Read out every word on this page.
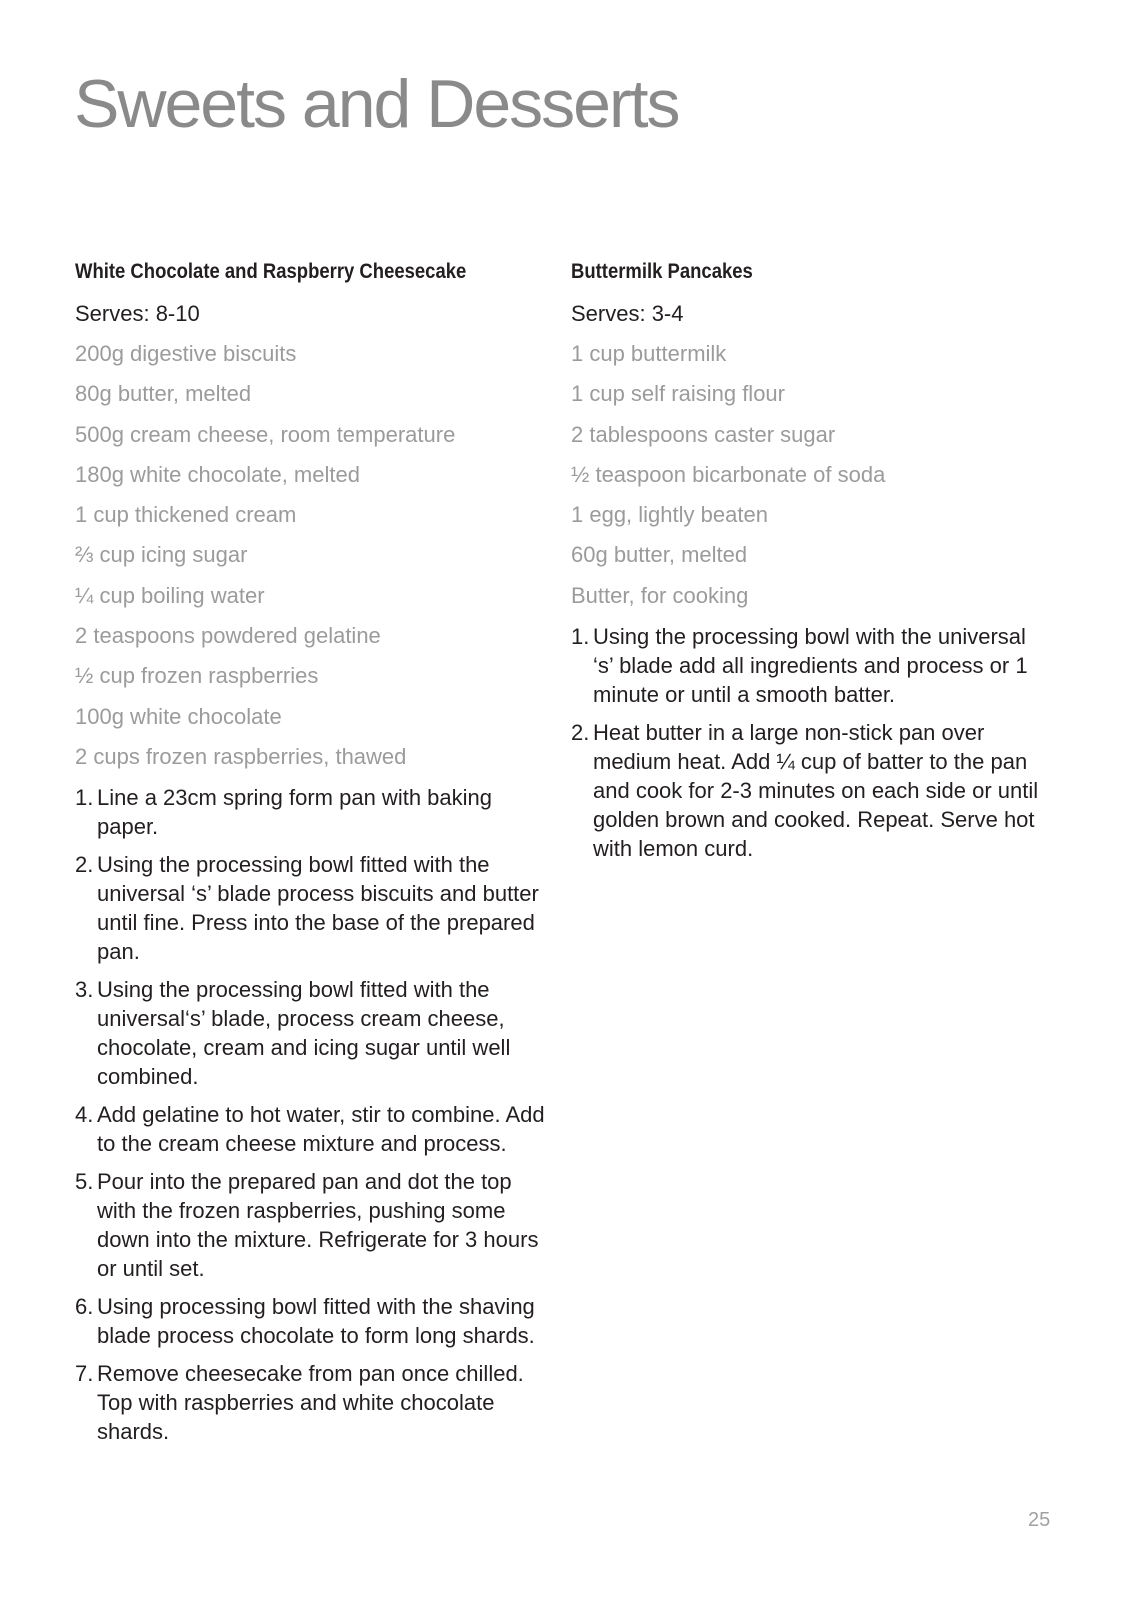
Sweets and Desserts
White Chocolate and Raspberry Cheesecake

Serves: 8-10

200g digestive biscuits
80g butter, melted
500g cream cheese, room temperature
180g white chocolate, melted
1 cup thickened cream
⅔ cup icing sugar
¼ cup boiling water
2 teaspoons powdered gelatine
½ cup frozen raspberries
100g white chocolate
2 cups frozen raspberries, thawed
1. Line a 23cm spring form pan with baking paper.
2. Using the processing bowl fitted with the universal ‘s’ blade process biscuits and butter until fine. Press into the base of the prepared pan.
3. Using the processing bowl fitted with the universal‘s’ blade, process cream cheese, chocolate, cream and icing sugar until well combined.
4. Add gelatine to hot water, stir to combine. Add to the cream cheese mixture and process.
5. Pour into the prepared pan and dot the top with the frozen raspberries, pushing some down into the mixture. Refrigerate for 3 hours or until set.
6. Using processing bowl fitted with the shaving blade process chocolate to form long shards.
7. Remove cheesecake from pan once chilled. Top with raspberries and white chocolate shards.
Buttermilk Pancakes

Serves: 3-4

1 cup buttermilk
1 cup self raising flour
2 tablespoons caster sugar
½ teaspoon bicarbonate of soda
1 egg, lightly beaten
60g butter, melted
Butter, for cooking
1. Using the processing bowl with the universal ‘s’ blade add all ingredients and process or 1 minute or until a smooth batter.
2. Heat butter in a large non-stick pan over medium heat. Add ¼ cup of batter to the pan and cook for 2-3 minutes on each side or until golden brown and cooked. Repeat. Serve hot with lemon curd.
25
